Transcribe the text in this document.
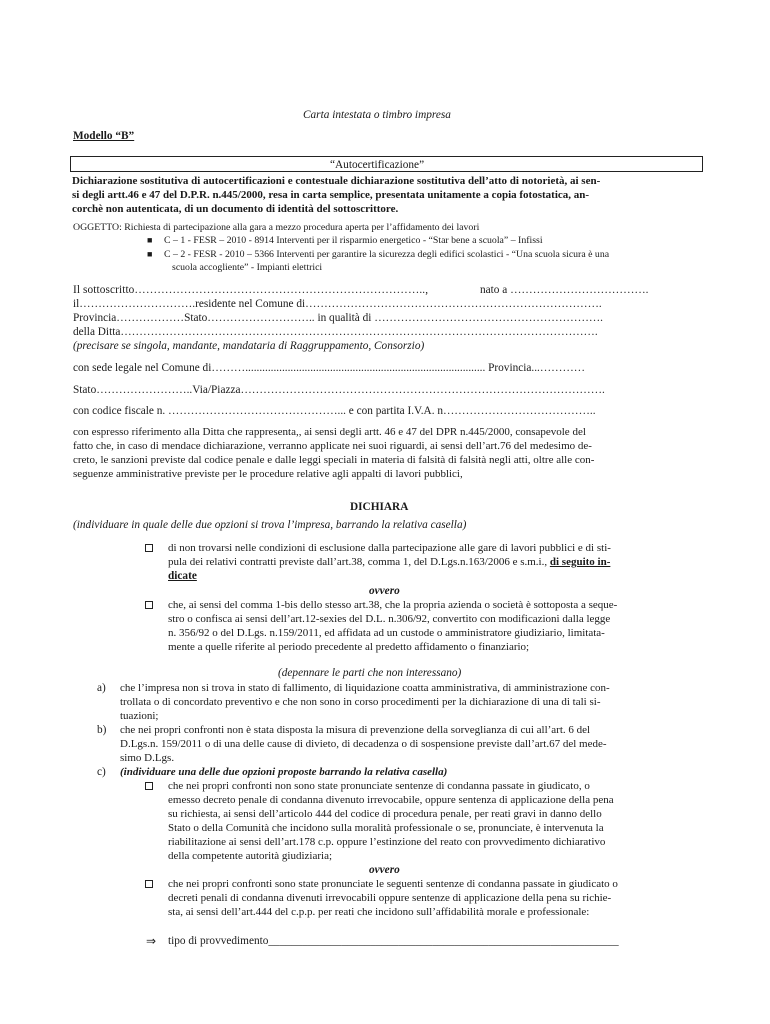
Carta intestata o timbro impresa
Modello “B”
“Autocertificazione”
Dichiarazione sostitutiva di autocertificazioni e contestuale dichiarazione sostitutiva dell’atto di notorietà, ai sen-
si degli artt.46 e 47 del D.P.R. n.445/2000, resa in carta semplice, presentata unitamente a copia fotostatica, an-
corchè non autenticata, di un documento di identità del sottoscrittore.
OGGETTO: Richiesta di partecipazione alla gara a mezzo procedura aperta per l’affidamento dei lavori
■ C – 1 - FESR – 2010 - 8914 Interventi per il risparmio energetico - “Star bene a scuola” – Infissi
■ C – 2 - FESR - 2010 – 5366 Interventi per garantire la sicurezza degli edifici scolastici - “Una scuola sicura è una
scuola accogliente” - Impianti elettrici
Il sottoscritto…………………………………………………………………..,	nato a ……………………………….
il………………………….residente nel Comune di…………………………………………………………………….
Provincia………………Stato……………………….. in qualità di …………………………………………………….
della Ditta……………………………………………………………………………………………………………….
(precisare se singola, mandante, mandataria di Raggruppamento, Consorzio)
con sede legale nel Comune di………..................................................................................... Provincia...…………
Stato……………………..Via/Piazza…………………………………………………………………………………….
con codice fiscale n. ………………………………………... e con partita I.V.A. n…………………………………..
con espresso riferimento alla Ditta che rappresenta,, ai sensi degli artt. 46 e 47 del DPR n.445/2000, consapevole del
fatto che, in caso di mendace dichiarazione, verranno applicate nei suoi riguardi, ai sensi dell’art.76 del medesimo de-
creto, le sanzioni previste dal codice penale e dalle leggi speciali in materia di falsità di falsità negli atti, oltre alle con-
seguenze amministrative previste per le procedure relative agli appalti di lavori pubblici,
DICHIARA
(individuare in quale delle due opzioni si trova l’impresa, barrando la relativa casella)
di non trovarsi nelle condizioni di esclusione dalla partecipazione alle gare di lavori pubblici e di sti-
pula dei relativi contratti previste dall’art.38, comma 1, del D.Lgs.n.163/2006 e s.m.i., di seguito in-
dicate
ovvero
che, ai sensi del comma 1-bis dello stesso art.38, che la propria azienda o società è sottoposta a seque-
stro o confisca ai sensi dell’art.12-sexies del D.L. n.306/92, convertito con modificazioni dalla legge
n. 356/92 o del D.Lgs. n.159/2011, ed affidata ad un custode o amministratore giudiziario, limitata-
mente a quelle riferite al periodo precedente al predetto affidamento o finanziario;
(depennare le parti che non interessano)
a) che l’impresa non si trova in stato di fallimento, di liquidazione coatta amministrativa, di amministrazione con-
trollata o di concordato preventivo e che non sono in corso procedimenti per la dichiarazione di una di tali si-
tuazioni;
b) che nei propri confronti non è stata disposta la misura di prevenzione della sorveglianza di cui all’art. 6 del
D.Lgs.n. 159/2011 o di una delle cause di divieto, di decadenza o di sospensione previste dall’art.67 del mede-
simo D.Lgs.
c) (individuare una delle due opzioni proposte barrando la relativa casella)
che nei propri confronti non sono state pronunciate sentenze di condanna passate in giudicato, o
emesso decreto penale di condanna divenuto irrevocabile, oppure sentenza di applicazione della pena
su richiesta, ai sensi dell’articolo 444 del codice di procedura penale, per reati gravi in danno dello
Stato o della Comunità che incidono sulla moralità professionale o se, pronunciate, è intervenuta la
riabilitazione ai sensi dell’art.178 c.p. oppure l’estinzione del reato con provvedimento dichiarativo
della competente autorità giudiziaria;
ovvero
che nei propri confronti sono state pronunciate le seguenti sentenze di condanna passate in giudicato o
decreti penali di condanna divenuti irrevocabili oppure sentenze di applicazione della pena su richie-
sta, ai sensi dell’art.444 del c.p.p. per reati che incidono sull’affidabilità morale e professionale:
⇒ tipo di provvedimento______________________________________________________________
